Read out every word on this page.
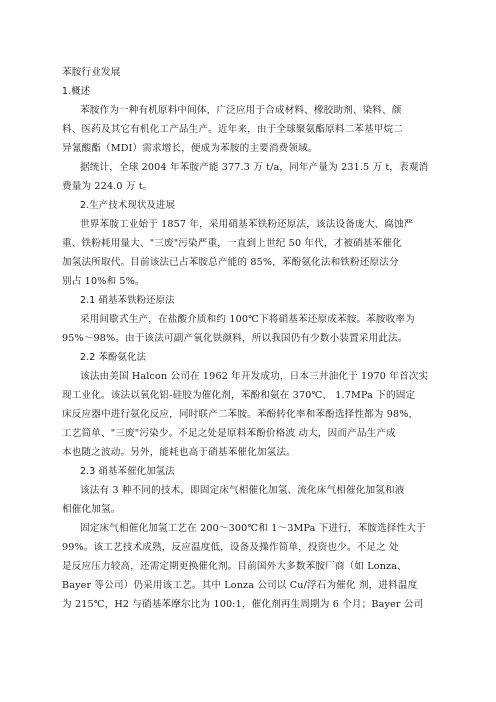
苯胺行业发展
1.概述
苯胺作为一种有机原料中间体，广泛应用于合成材料、橡胶助剂、染料、颜
料、医药及其它有机化工产品生产。近年来，由于全球聚氨酯原料二苯基甲烷二
异氰酸酯（MDI）需求增长，便成为苯胺的主要消费领域。
据统计，全球 2004 年苯胺产能 377.3 万 t/a，同年产量为 231.5 万 t，表观消
费量为 224.0 万 t。
2.生产技术现状及进展
世界苯胺工业始于 1857 年，采用硝基苯铁粉还原法，该法设备庞大、腐蚀严
重、铁粉耗用量大、"三废"污染严重，一直到上世纪 50 年代，才被硝基苯催化
加氢法所取代。目前该法已占苯胺总产能的 85%，苯酚氨化法和铁粉还原法分
别占 10%和 5%。
2.1 硝基苯铁粉还原法
采用间歇式生产，在盐酸介质和约 100℃下将硝基苯还原成苯胺。苯胺收率为
95%～98%。由于该法可副产氧化铁颜料，所以我国仍有少数小装置采用此法。
2.2 苯酚氨化法
该法由美国 Halcon 公司在 1962 年开发成功，日本三井油化于 1970 年首次实
现工业化。该法以氧化铝-硅胶为催化剂，苯酚和氨在 370℃、 1.7MPa 下的固定
床反应器中进行氨化反应，同时联产二苯胺。苯酚转化率和苯酚选择性都为 98%，
工艺简单、"三废"污染少。不足之处是原料苯酚价格波 动大，因而产品生产成
本也随之波动。另外，能耗也高于硝基苯催化加氢法。
2.3 硝基苯催化加氢法
该法有 3 种不同的技术，即固定床气相催化加氢、流化床气相催化加氢和液
相催化加氢。
固定床气相催化加氢工艺在 200～300℃和 1～3MPa 下进行，苯胺选择性大于
99%。该工艺技术成熟，反应温度低，设备及操作简单，投资也少。不足之 处
是反应压力较高，还需定期更换催化剂。目前国外大多数苯胺厂商（如 Lonza、
Bayer 等公司）仍采用该工艺。其中 Lonza 公司以 Cu/浮石为催化 剂，进料温度
为 215℃，H2 与硝基苯摩尔比为 100:1，催化剂再生周期为 6 个月；Bayer 公司
